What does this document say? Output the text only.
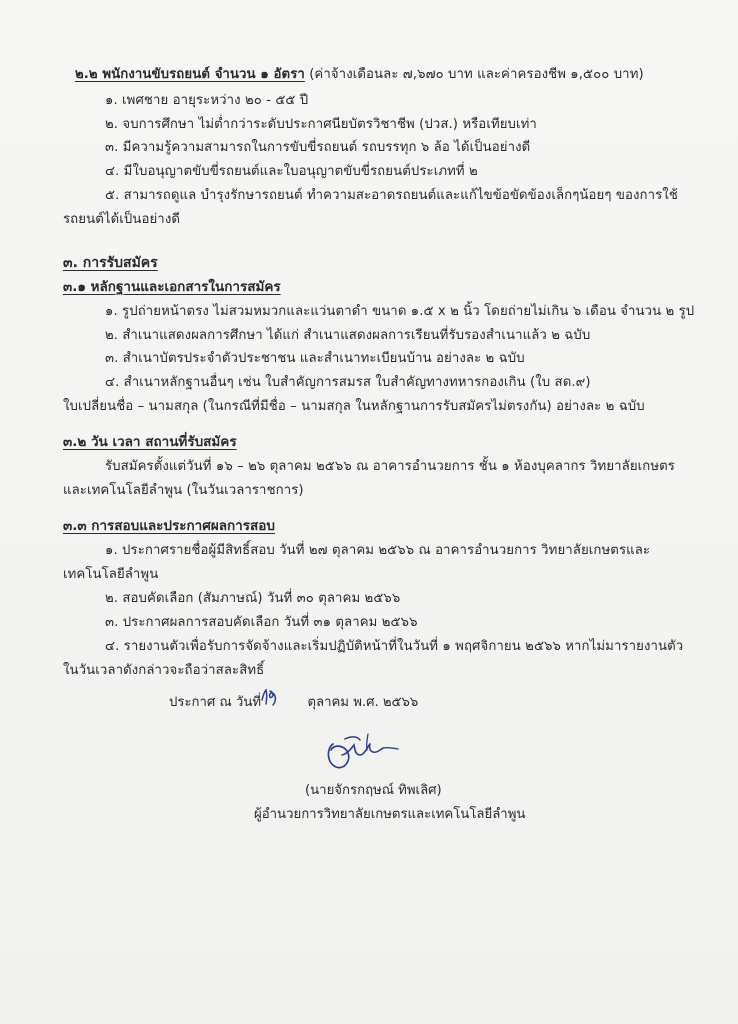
๒.๒ พนักงานขับรถยนต์ จำนวน ๑ อัตรา (ค่าจ้างเดือนละ ๗,๖๗๐ บาท และค่าครองชีพ ๑,๕๐๐ บาท)
๑. เพศชาย อายุระหว่าง ๒๐ - ๕๕ ปี
๒. จบการศึกษา ไม่ต่ำกว่าระดับประกาศนียบัตรวิชาชีพ (ปวส.) หรือเทียบเท่า
๓. มีความรู้ความสามารถในการขับขี่รถยนต์ รถบรรทุก ๖ ล้อ ได้เป็นอย่างดี
๔. มีใบอนุญาตขับขี่รถยนต์และใบอนุญาตขับขี่รถยนต์ประเภทที่ ๒
๕. สามารถดูแล บำรุงรักษารถยนต์ ทำความสะอาดรถยนต์และแก้ไขข้อขัดข้องเล็กๆน้อยๆ ของการใช้
รถยนต์ได้เป็นอย่างดี
๓. การรับสมัคร
๓.๑ หลักฐานและเอกสารในการสมัคร
๑. รูปถ่ายหน้าตรง ไม่สวมหมวกและแว่นตาดำ ขนาด ๑.๕ x ๒ นิ้ว โดยถ่ายไม่เกิน ๖ เดือน จำนวน ๒ รูป
๒. สำเนาแสดงผลการศึกษา ได้แก่ สำเนาแสดงผลการเรียนที่รับรองสำเนาแล้ว ๒ ฉบับ
๓. สำเนาบัตรประจำตัวประชาชน และสำเนาทะเบียนบ้าน อย่างละ ๒ ฉบับ
๔. สำเนาหลักฐานอื่นๆ เช่น ใบสำคัญการสมรส ใบสำคัญทางทหารกองเกิน (ใบ สด.๙)
ใบเปลี่ยนชื่อ – นามสกุล (ในกรณีที่มีชื่อ – นามสกุล ในหลักฐานการรับสมัครไม่ตรงกัน) อย่างละ ๒ ฉบับ
๓.๒ วัน เวลา สถานที่รับสมัคร
รับสมัครตั้งแต่วันที่ ๑๖ – ๒๖ ตุลาคม ๒๕๖๖ ณ อาคารอำนวยการ ชั้น ๑ ห้องบุคลากร วิทยาลัยเกษตร
และเทคโนโลยีลำพูน (ในวันเวลาราชการ)
๓.๓ การสอบและประกาศผลการสอบ
๑. ประกาศรายชื่อผู้มีสิทธิ์สอบ วันที่ ๒๗ ตุลาคม ๒๕๖๖ ณ อาคารอำนวยการ วิทยาลัยเกษตรและ
เทคโนโลยีลำพูน
๒. สอบคัดเลือก (สัมภาษณ์) วันที่ ๓๐ ตุลาคม ๒๕๖๖
๓. ประกาศผลการสอบคัดเลือก วันที่ ๓๑ ตุลาคม ๒๕๖๖
๔. รายงานตัวเพื่อรับการจัดจ้างและเริ่มปฏิบัติหน้าที่ในวันที่ ๑ พฤศจิกายน ๒๕๖๖ หากไม่มารายงานตัว
ในวันเวลาดังกล่าวจะถือว่าสละสิทธิ์
ประกาศ ณ วันที่	ตุลาคม พ.ศ. ๒๕๖๖
(นายจักรกฤษณ์ ทิพเลิศ)
ผู้อำนวยการวิทยาลัยเกษตรและเทคโนโลยีลำพูน
